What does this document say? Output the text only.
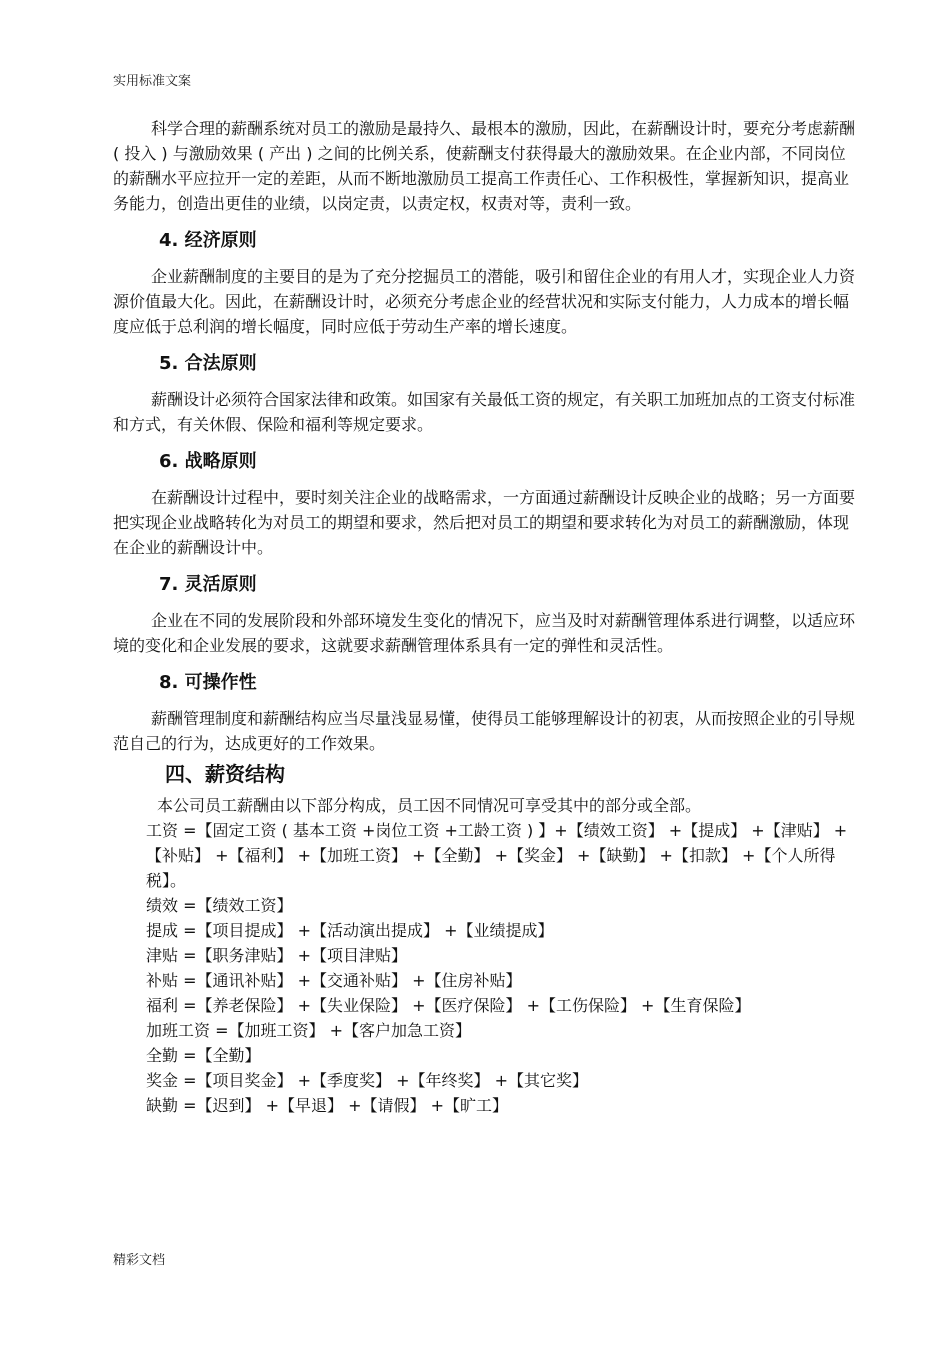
实用标准文案

科学合理的薪酬系统对员工的激励是最持久、最根本的激励，因此，在薪酬设计时，要充分考虑薪酬 ( 投入 ) 与激励效果 ( 产出 ) 之间的比例关系，使薪酬支付获得最大的激励效果。在企业内部，不同岗位的薪酬水平应拉开一定的差距，从而不断地激励员工提高工作责任心、工作积极性，掌握新知识，提高业务能力，创造出更佳的业绩，以岗定责，以责定权，权责对等，责利一致。

4. 经济原则

企业薪酬制度的主要目的是为了充分挖掘员工的潜能，吸引和留住企业的有用人才，实现企业人力资源价值最大化。因此，在薪酬设计时，必须充分考虑企业的经营状况和实际支付能力，人力成本的增长幅度应低于总利润的增长幅度，同时应低于劳动生产率的增长速度。

5. 合法原则

薪酬设计必须符合国家法律和政策。如国家有关最低工资的规定，有关职工加班加点的工资支付标准和方式，有关休假、保险和福利等规定要求。

6. 战略原则

在薪酬设计过程中，要时刻关注企业的战略需求，一方面通过薪酬设计反映企业的战略；另一方面要把实现企业战略转化为对员工的期望和要求，然后把对员工的期望和要求转化为对员工的薪酬激励，体现在企业的薪酬设计中。

7. 灵活原则

企业在不同的发展阶段和外部环境发生变化的情况下，应当及时对薪酬管理体系进行调整，以适应环境的变化和企业发展的要求，这就要求薪酬管理体系具有一定的弹性和灵活性。

8. 可操作性

薪酬管理制度和薪酬结构应当尽量浅显易懂，使得员工能够理解设计的初衷，从而按照企业的引导规范自己的行为，达成更好的工作效果。

四、薪资结构

本公司员工薪酬由以下部分构成，员工因不同情况可享受其中的部分或全部。

工资 =【固定工资 ( 基本工资 +岗位工资 +工龄工资 ) 】+【绩效工资】 +【提成】 +【津贴】 +【补贴】 +【福利】 +【加班工资】 +【全勤】 +【奖金】 +【缺勤】 +【扣款】 +【个人所得税】。

绩效 =【绩效工资】

提成 =【项目提成】 +【活动演出提成】 +【业绩提成】

津贴 =【职务津贴】 +【项目津贴】

补贴 =【通讯补贴】 +【交通补贴】 +【住房补贴】

福利 =【养老保险】 +【失业保险】 +【医疗保险】 +【工伤保险】 +【生育保险】

加班工资 =【加班工资】 +【客户加急工资】

全勤 =【全勤】

奖金 =【项目奖金】 +【季度奖】 +【年终奖】 +【其它奖】

缺勤 =【迟到】 +【早退】 +【请假】 +【旷工】

精彩文档
